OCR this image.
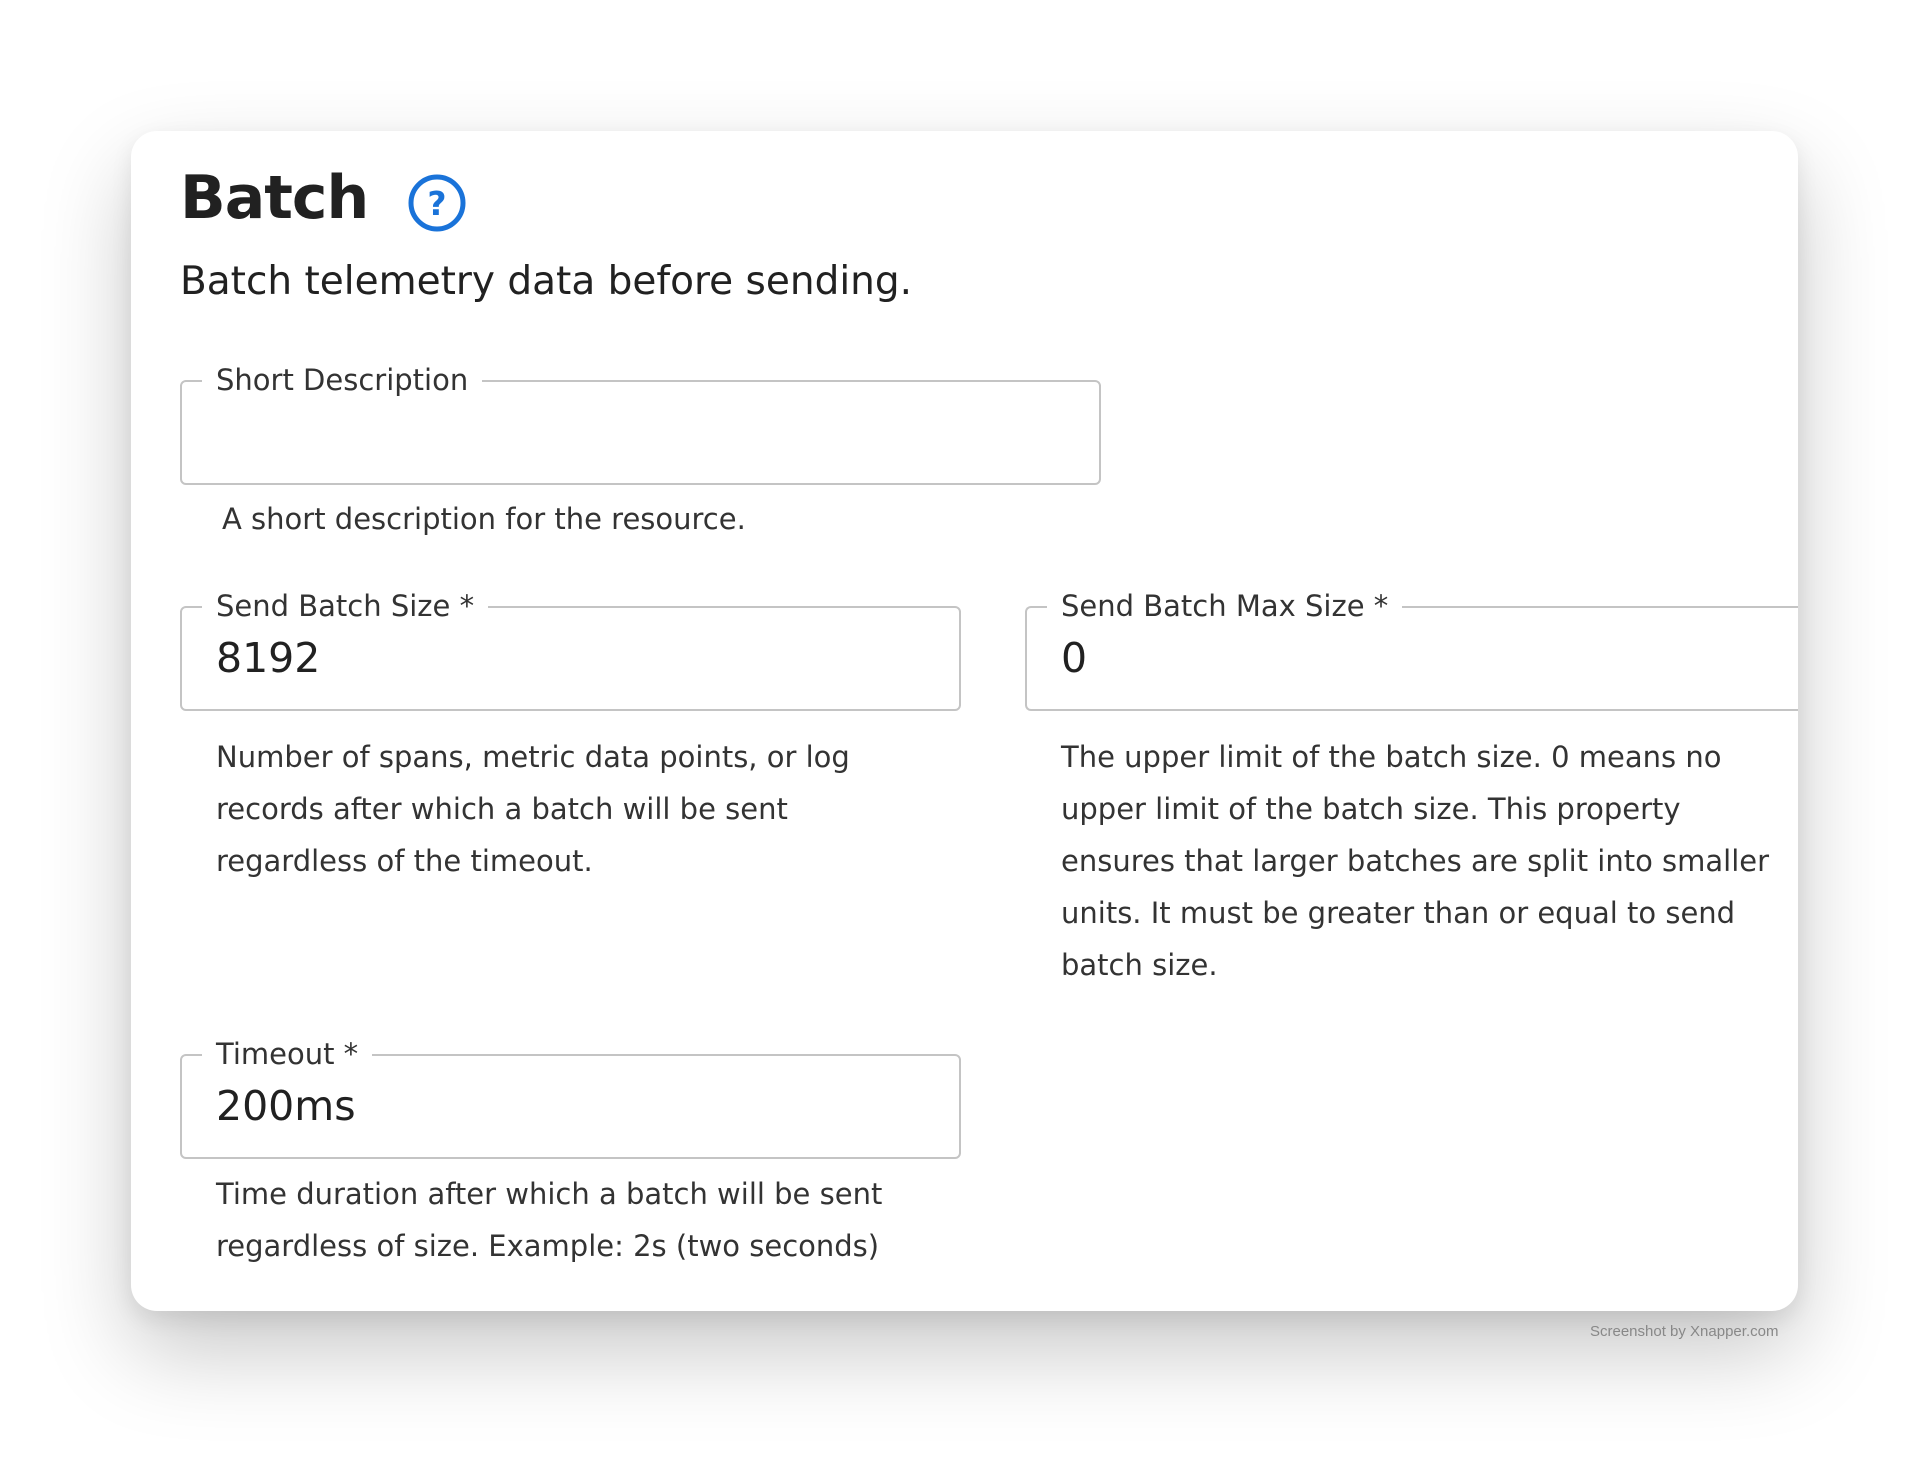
Batch ?
Batch telemetry data before sending.
Short Description
A short description for the resource.
Send Batch Size *
8192
Number of spans, metric data points, or log records after which a batch will be sent regardless of the timeout.
Send Batch Max Size *
0
The upper limit of the batch size. 0 means no upper limit of the batch size. This property ensures that larger batches are split into smaller units. It must be greater than or equal to send batch size.
Timeout *
200ms
Time duration after which a batch will be sent regardless of size. Example: 2s (two seconds)
Screenshot by Xnapper.com
